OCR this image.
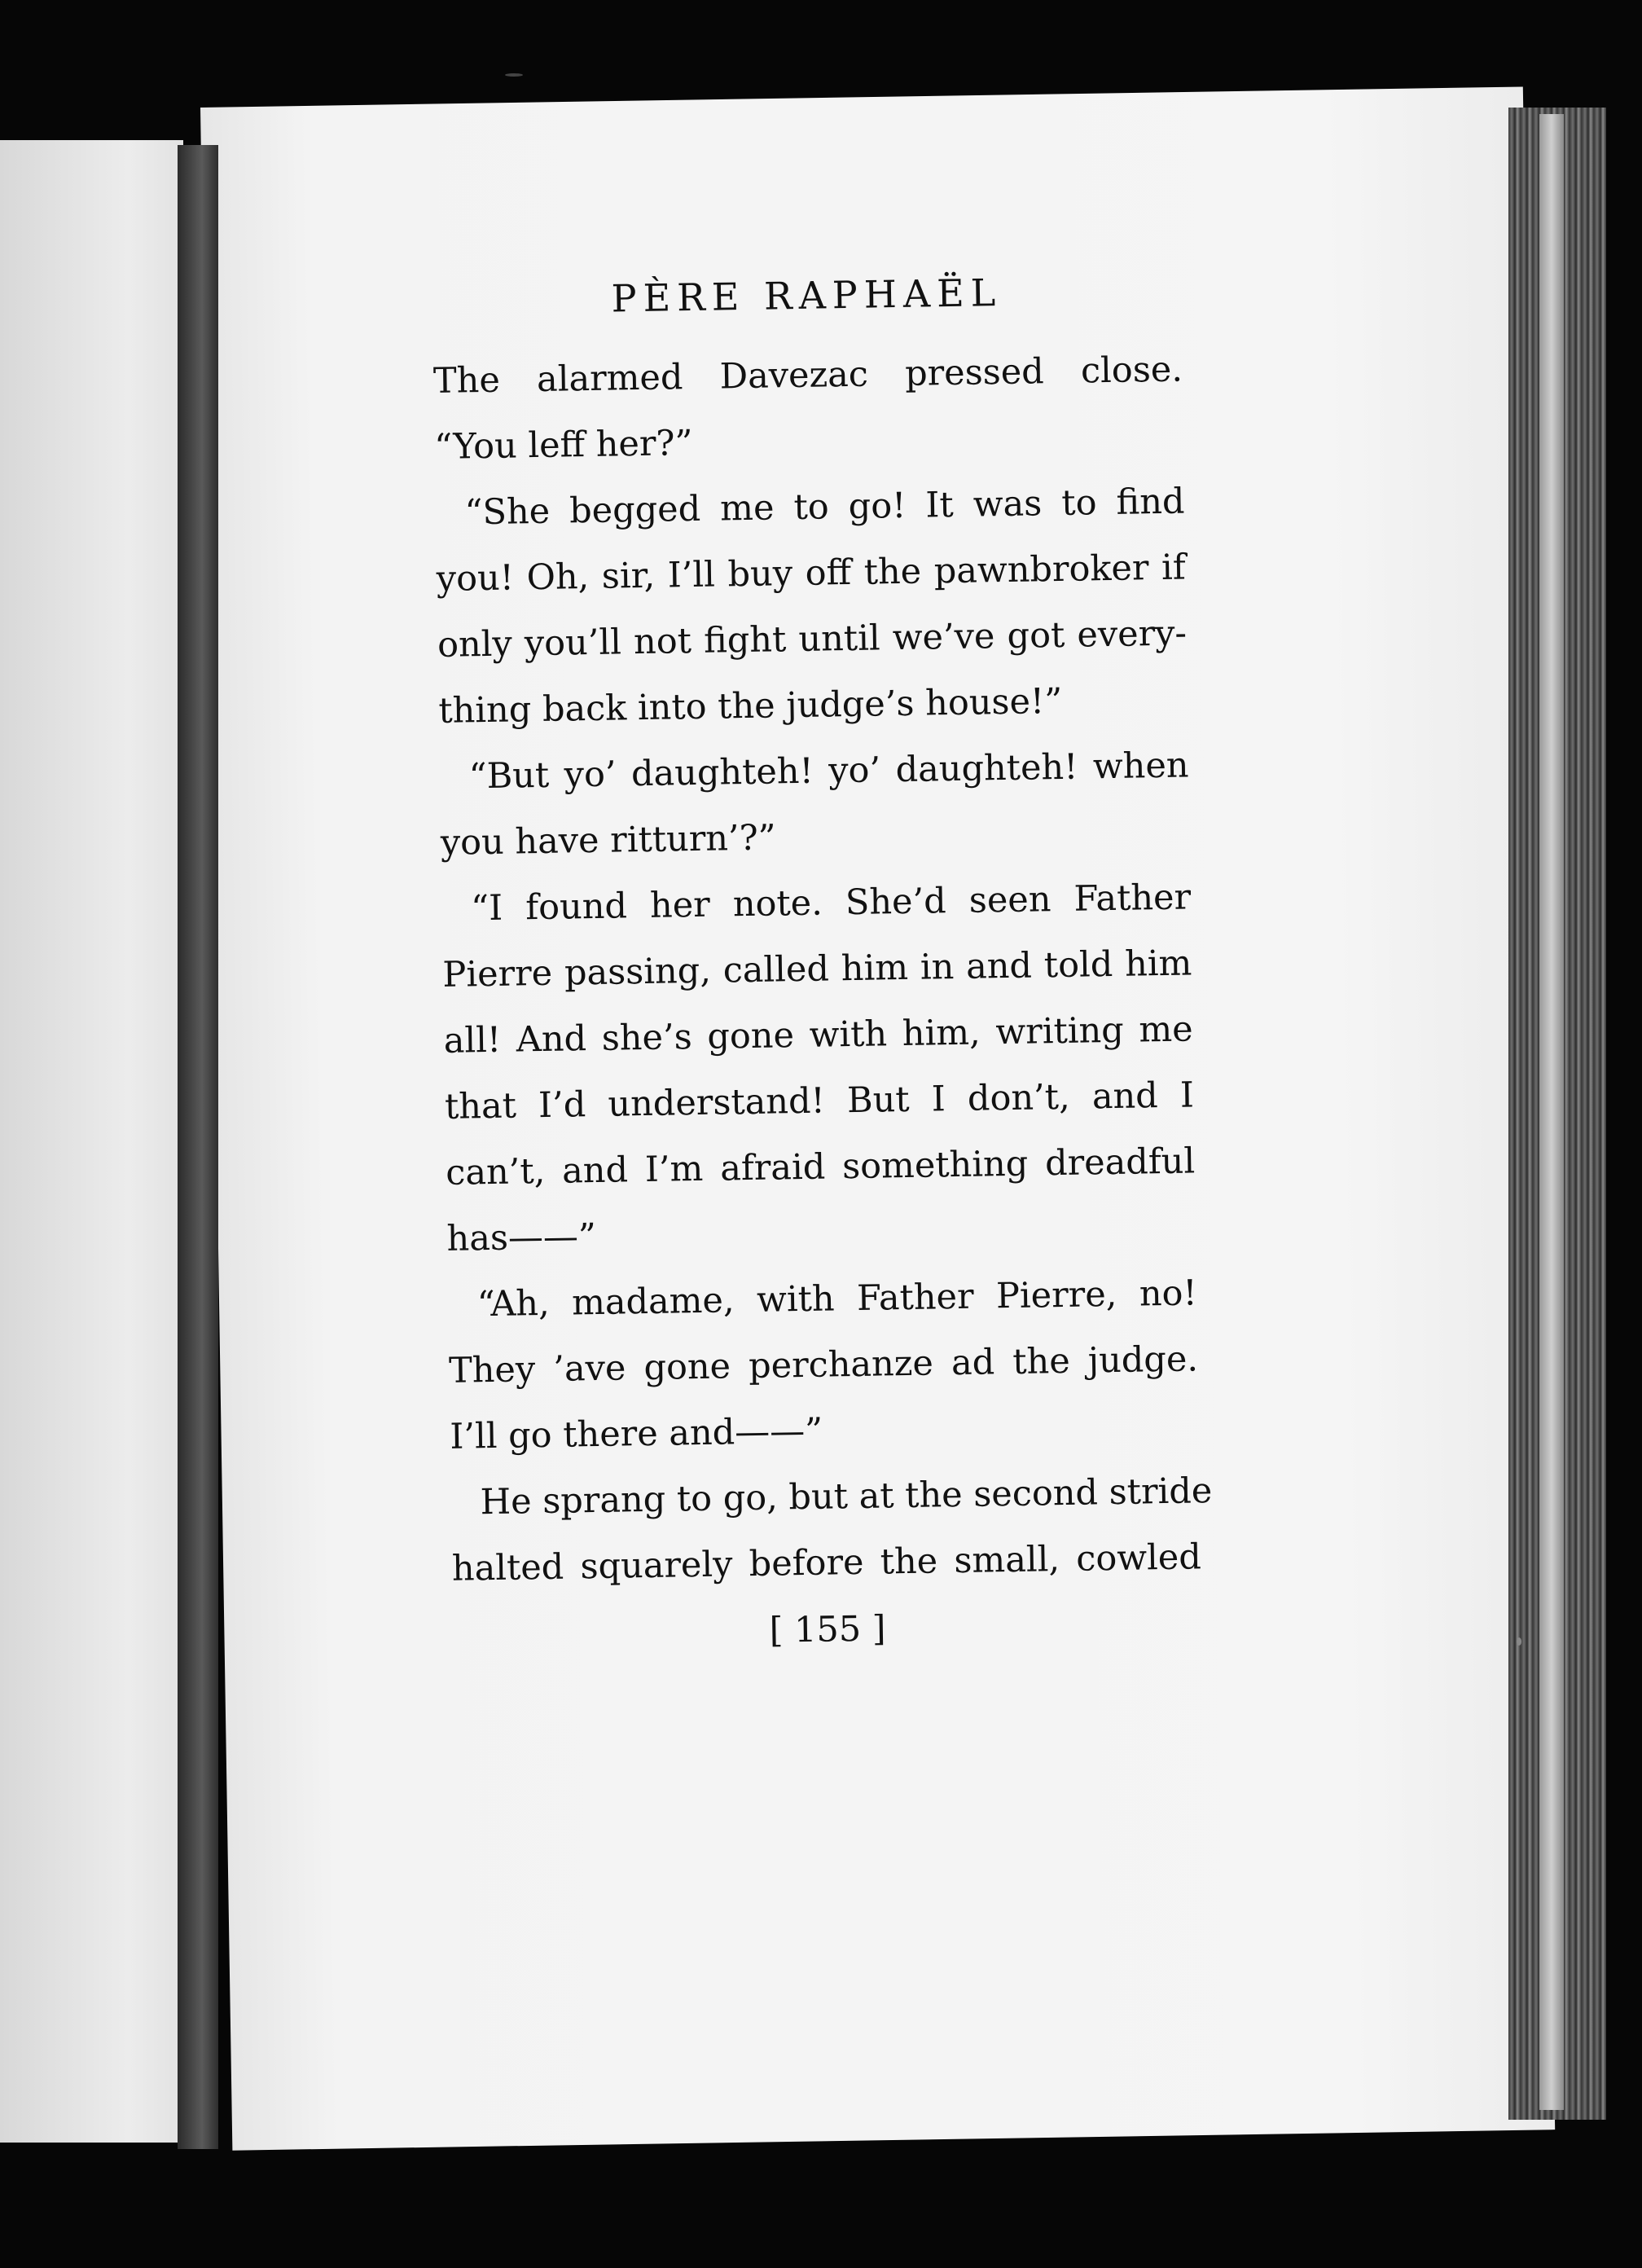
PÈRE RAPHAËL
The alarmed Davezac pressed close.
“You leff her?”
“She begged me to go! It was to find
you! Oh, sir, I’ll buy off the pawnbroker if
only you’ll not fight until we’ve got every-
thing back into the judge’s house!”
“But yo’ daughteh! yo’ daughteh! when
you have ritturn’?”
“I found her note. She’d seen Father
Pierre passing, called him in and told him
all! And she’s gone with him, writing me
that I’d understand! But I don’t, and I
can’t, and I’m afraid something dreadful
has——”
“Ah, madame, with Father Pierre, no!
They ’ave gone perchanze ad the judge.
I’ll go there and——”
He sprang to go, but at the second stride
halted squarely before the small, cowled
[ 155 ]
